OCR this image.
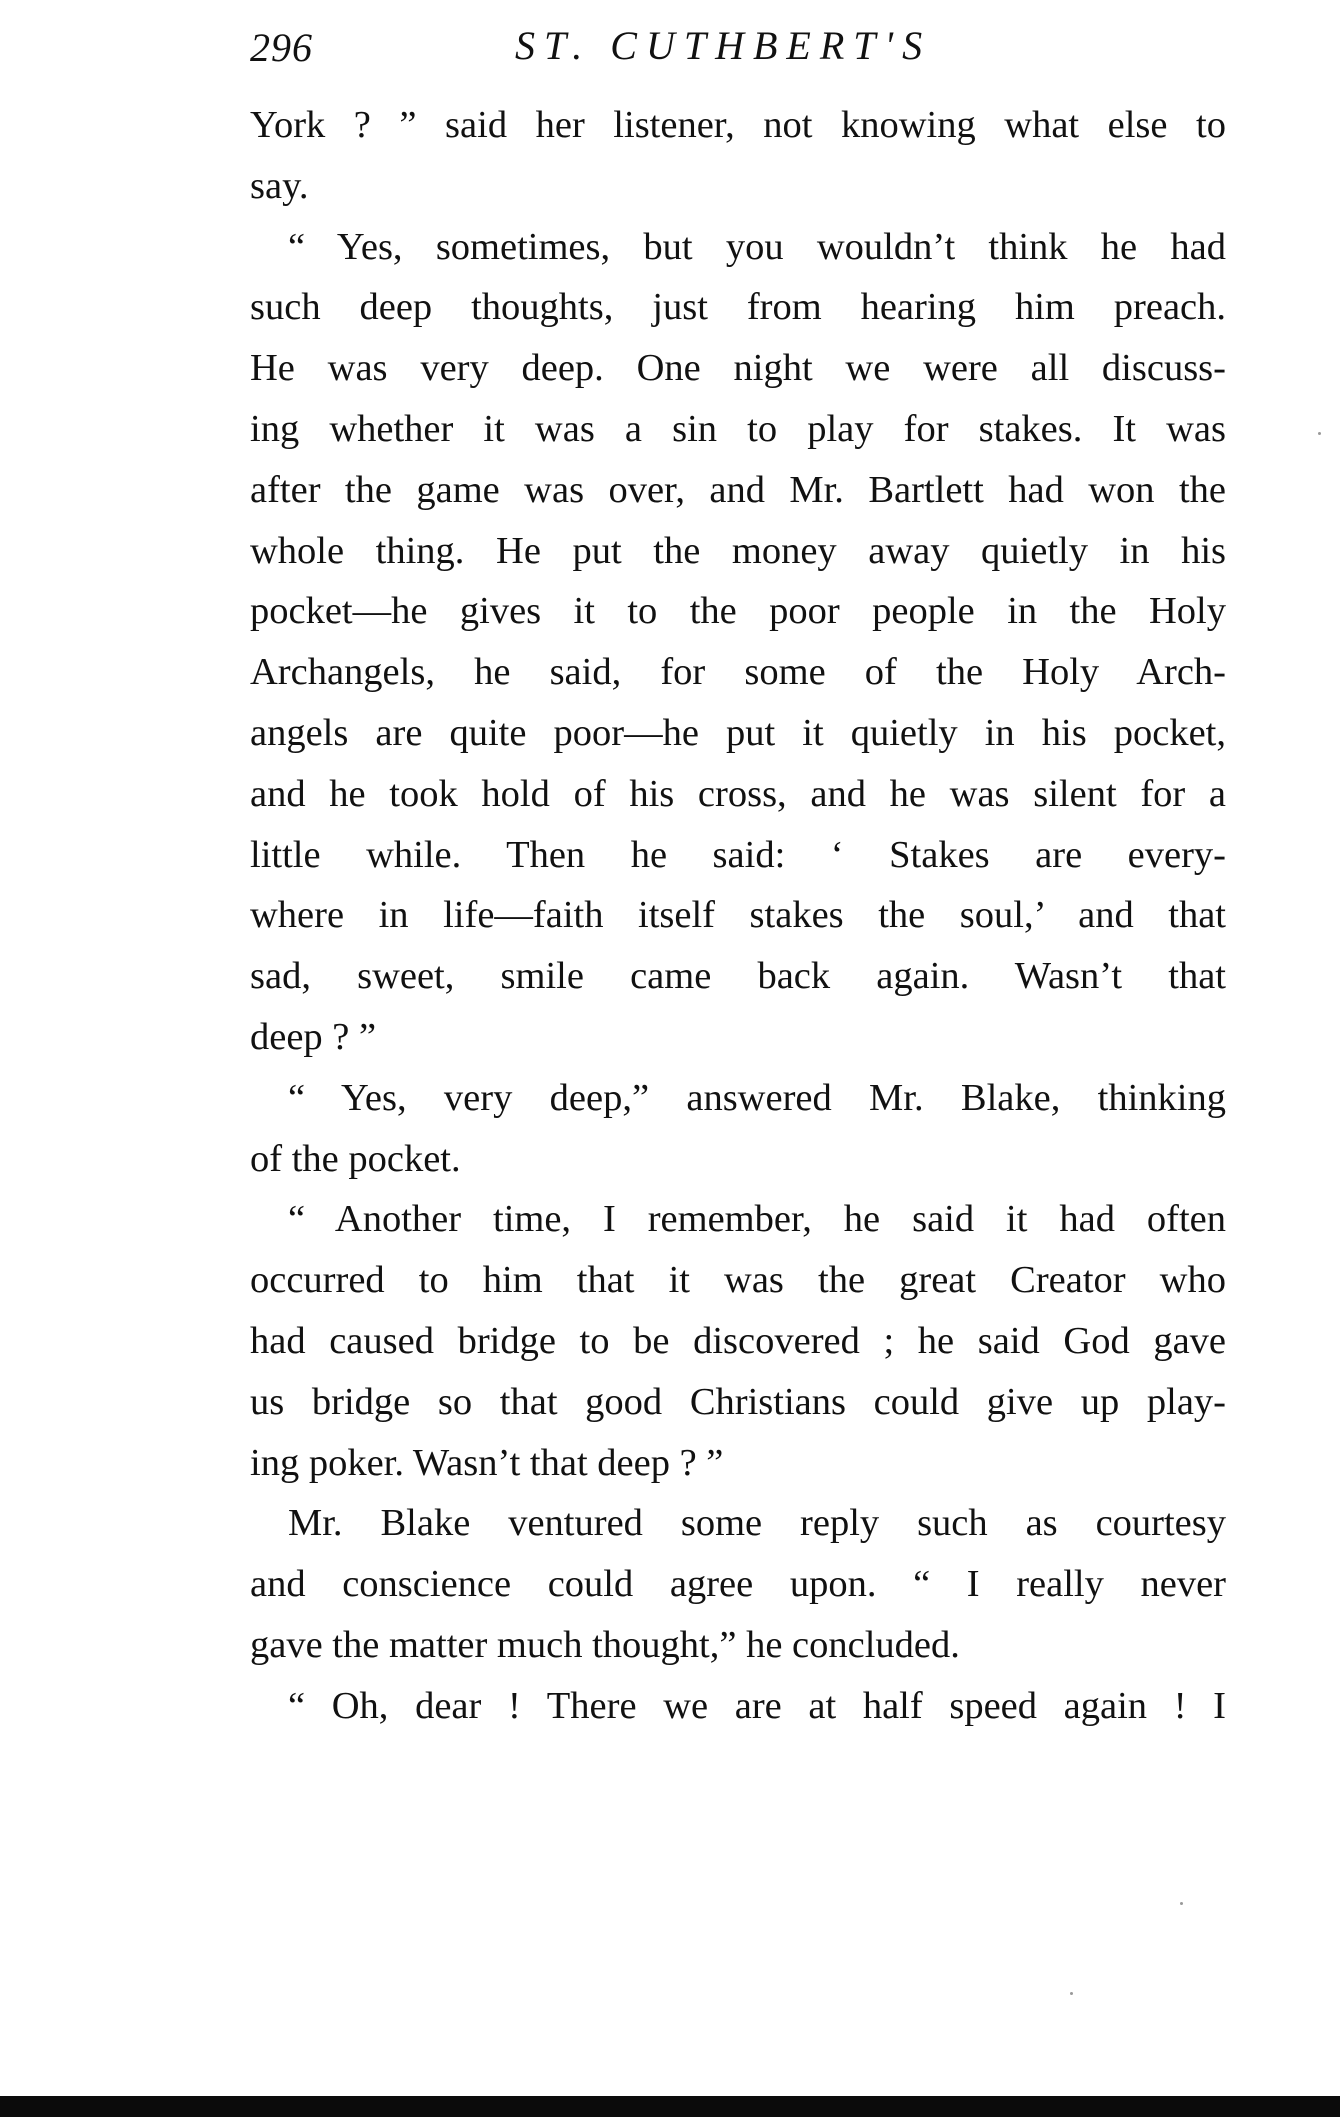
296	ST. CUTHBERT'S
York ? ” said her listener, not knowing what else to
say.
“ Yes, sometimes, but you wouldn’t think he had
such deep thoughts, just from hearing him preach.
He was very deep. One night we were all discuss-
ing whether it was a sin to play for stakes. It was
after the game was over, and Mr. Bartlett had won the
whole thing. He put the money away quietly in his
pocket—he gives it to the poor people in the Holy
Archangels, he said, for some of the Holy Arch-
angels are quite poor—he put it quietly in his pocket,
and he took hold of his cross, and he was silent for a
little while. Then he said: ‘ Stakes are every-
where in life—faith itself stakes the soul,’ and that
sad, sweet, smile came back again. Wasn’t that
deep ? ”
“ Yes, very deep,” answered Mr. Blake, thinking
of the pocket.
“ Another time, I remember, he said it had often
occurred to him that it was the great Creator who
had caused bridge to be discovered ; he said God gave
us bridge so that good Christians could give up play-
ing poker. Wasn’t that deep ? ”
Mr. Blake ventured some reply such as courtesy
and conscience could agree upon. “ I really never
gave the matter much thought,” he concluded.
“ Oh, dear ! There we are at half speed again ! I
